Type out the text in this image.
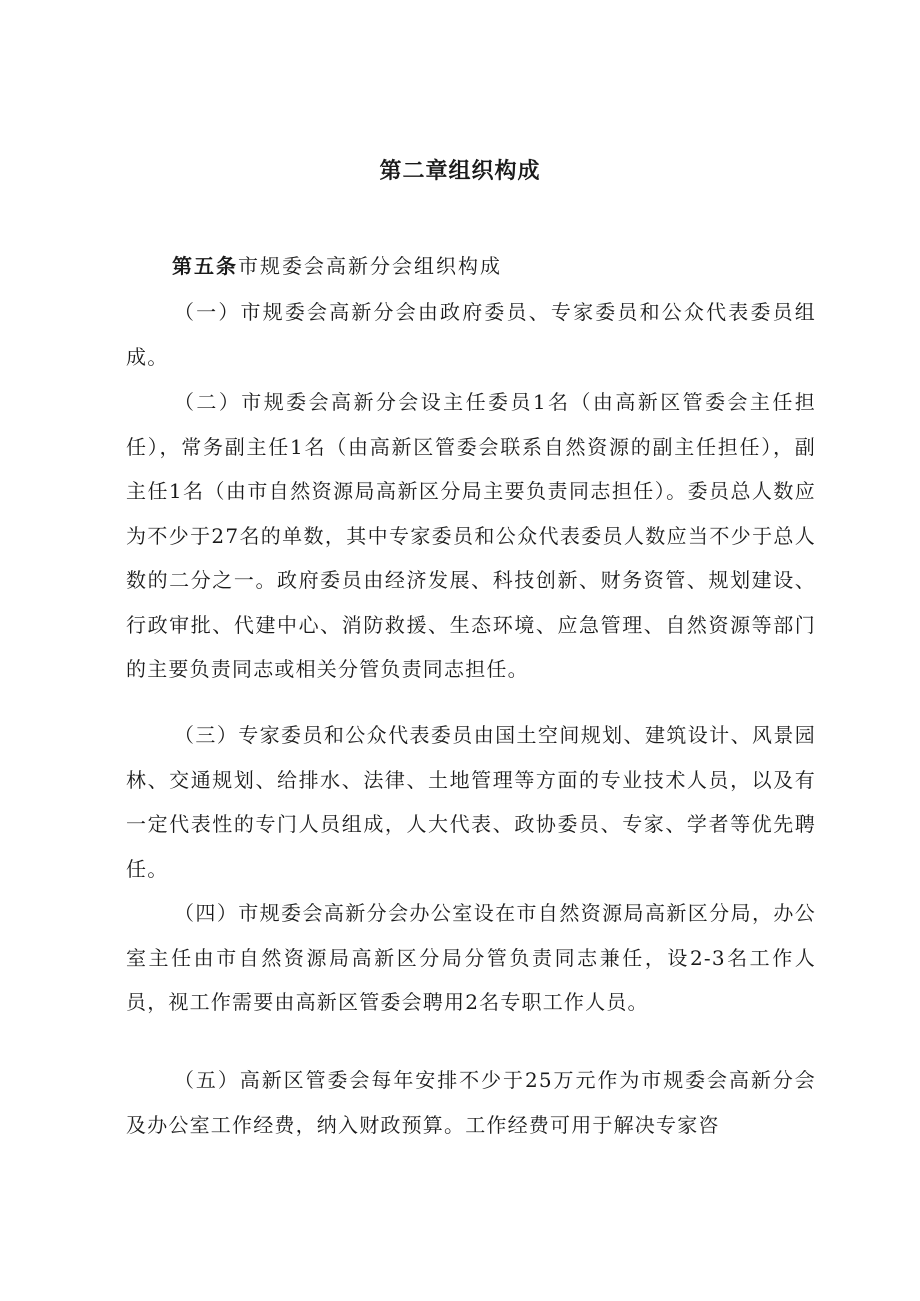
第二章组织构成
第五条市规委会高新分会组织构成

（一）市规委会高新分会由政府委员、专家委员和公众代表委员组成。

（二）市规委会高新分会设主任委员1名（由高新区管委会主任担任），常务副主任1名（由高新区管委会联系自然资源的副主任担任），副主任1名（由市自然资源局高新区分局主要负责同志担任）。委员总人数应为不少于27名的单数，其中专家委员和公众代表委员人数应当不少于总人数的二分之一。政府委员由经济发展、科技创新、财务资管、规划建设、行政审批、代建中心、消防救援、生态环境、应急管理、自然资源等部门的主要负责同志或相关分管负责同志担任。

（三）专家委员和公众代表委员由国土空间规划、建筑设计、风景园林、交通规划、给排水、法律、土地管理等方面的专业技术人员，以及有一定代表性的专门人员组成，人大代表、政协委员、专家、学者等优先聘任。

（四）市规委会高新分会办公室设在市自然资源局高新区分局，办公室主任由市自然资源局高新区分局分管负责同志兼任，设2-3名工作人员，视工作需要由高新区管委会聘用2名专职工作人员。

（五）高新区管委会每年安排不少于25万元作为市规委会高新分会及办公室工作经费，纳入财政预算。工作经费可用于解决专家咨
